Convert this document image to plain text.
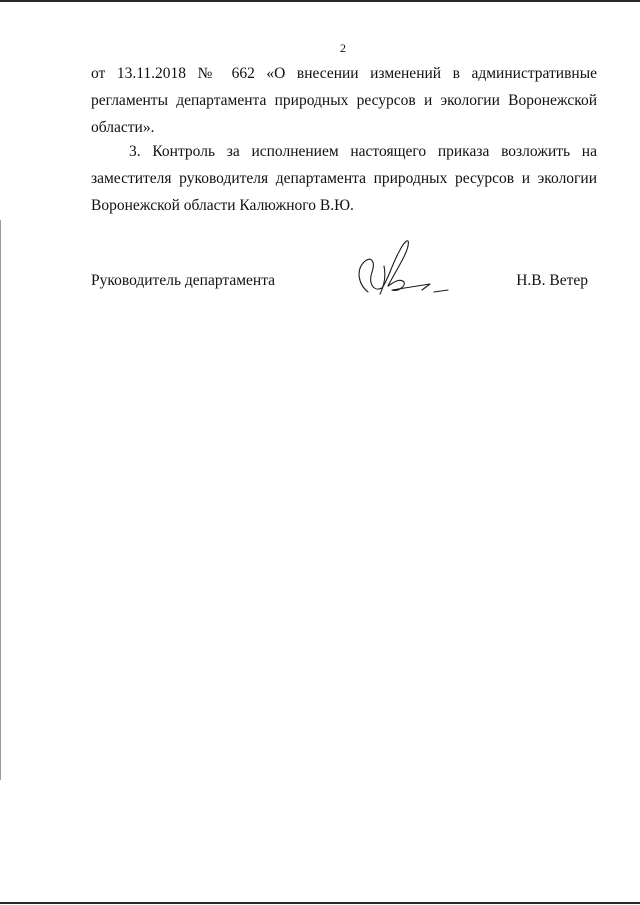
2

от 13.11.2018 № 662 «О внесении изменений в административные регламенты департамента природных ресурсов и экологии Воронежской области».

3. Контроль за исполнением настоящего приказа возложить на заместителя руководителя департамента природных ресурсов и экологии Воронежской области Калюжного В.Ю.

Руководитель департамента	Н.В. Ветер
